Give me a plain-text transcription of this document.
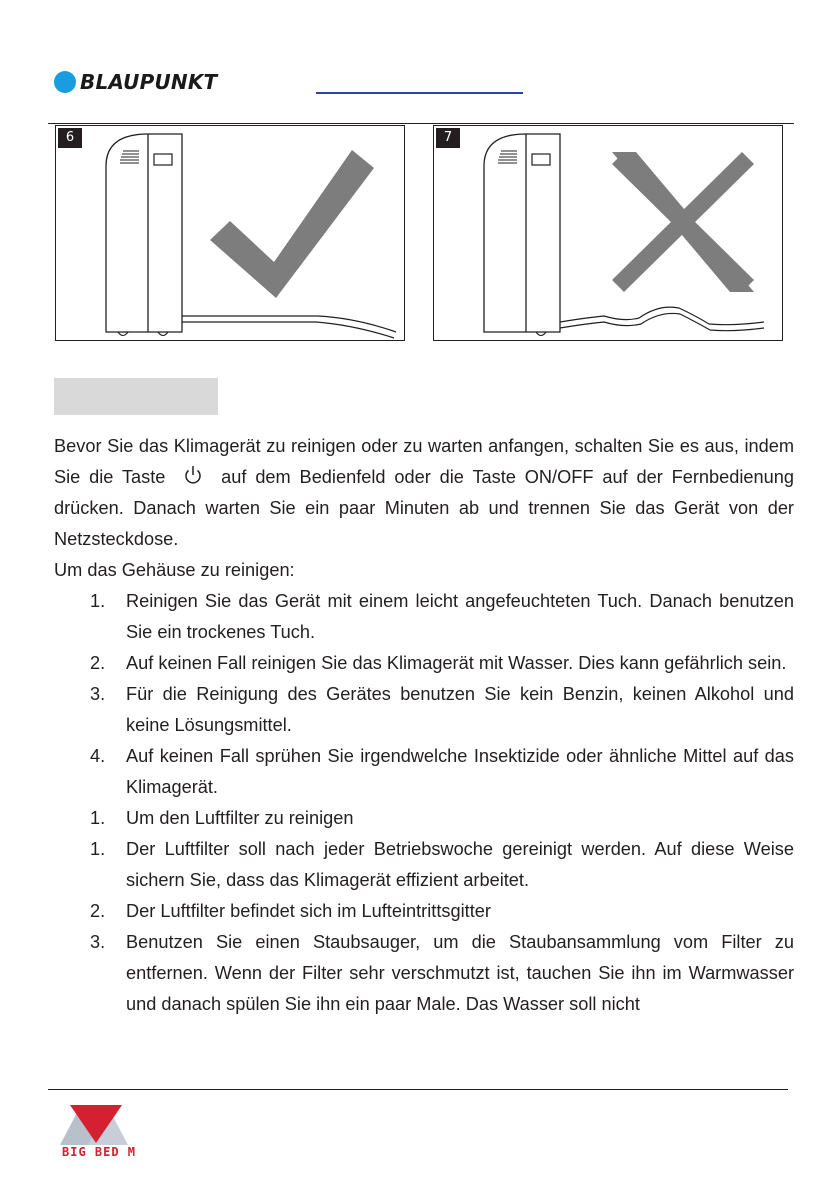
BLAUPUNKT
6	7

Bevor Sie das Klimagerät zu reinigen oder zu warten anfangen, schalten Sie es aus, indem Sie die Taste	auf dem Bedienfeld oder die Taste ON/OFF auf der Fernbedienung drücken. Danach warten Sie ein paar Minuten ab und trennen Sie das Gerät von der Netzsteckdose.

Um das Gehäuse zu reinigen:

1. Reinigen Sie das Gerät mit einem leicht angefeuchteten Tuch. Danach benutzen Sie ein trockenes Tuch.
2. Auf keinen Fall reinigen Sie das Klimagerät mit Wasser. Dies kann gefährlich sein.
3. Für die Reinigung des Gerätes benutzen Sie kein Benzin, keinen Alkohol und keine Lösungsmittel.
4. Auf keinen Fall sprühen Sie irgendwelche Insektizide oder ähnliche Mittel auf das Klimagerät.
1. Um den Luftfilter zu reinigen
1. Der Luftfilter soll nach jeder Betriebswoche gereinigt werden. Auf diese Weise sichern Sie, dass das Klimagerät effizient arbeitet.
2. Der Luftfilter befindet sich im Lufteintrittsgitter
3. Benutzen Sie einen Staubsauger, um die Staubansammlung vom Filter zu entfernen. Wenn der Filter sehr verschmutzt ist, tauchen Sie ihn im Warmwasser und danach spülen Sie ihn ein paar Male. Das Wasser soll nicht
BIG BED M
